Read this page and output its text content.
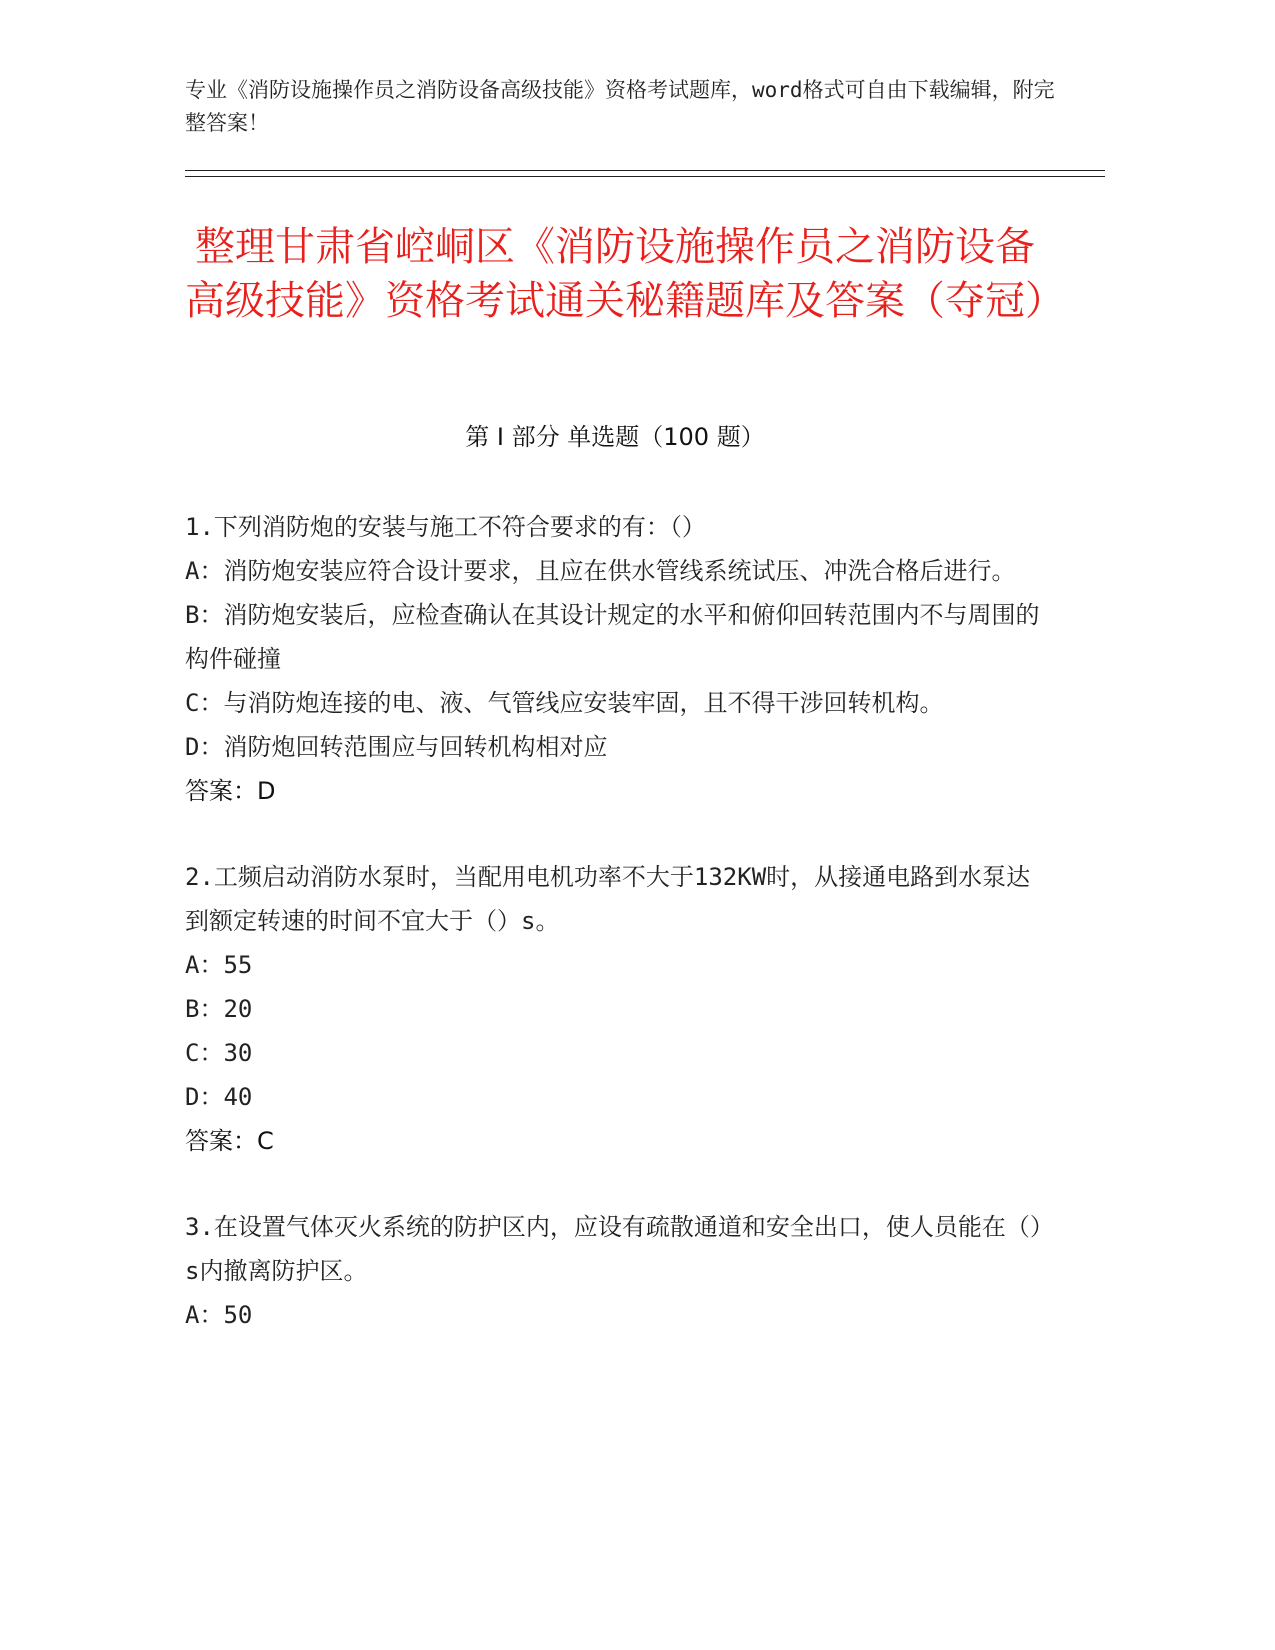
专业《消防设施操作员之消防设备高级技能》资格考试题库，word格式可自由下载编辑，附完整答案！
整理甘肃省崆峒区《消防设施操作员之消防设备高级技能》资格考试通关秘籍题库及答案（夺冠）
第 I 部分 单选题（100 题）

1.下列消防炮的安装与施工不符合要求的有：（）

A：消防炮安装应符合设计要求，且应在供水管线系统试压、冲洗合格后进行。

B：消防炮安装后，应检查确认在其设计规定的水平和俯仰回转范围内不与周围的构件碰撞

C：与消防炮连接的电、液、气管线应安装牢固，且不得干涉回转机构。

D：消防炮回转范围应与回转机构相对应

答案：D

2.工频启动消防水泵时，当配用电机功率不大于132KW时，从接通电路到水泵达到额定转速的时间不宜大于（）s。

A：55

B：20

C：30

D：40

答案：C

3.在设置气体灭火系统的防护区内，应设有疏散通道和安全出口，使人员能在（）s内撤离防护区。

A：50
